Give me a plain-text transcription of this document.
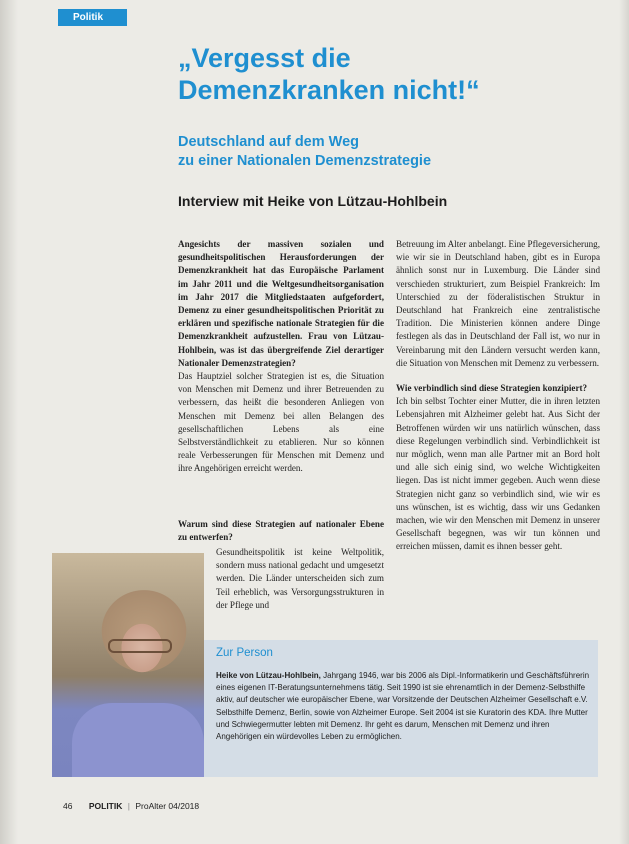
Politik
„Vergesst die
Demenzkranken nicht!“
Deutschland auf dem Weg
zu einer Nationalen Demenzstrategie
Interview mit Heike von Lützau-Hohlbein

Angesichts der massiven sozialen und gesundheitspolitischen Herausforderungen der Demenzkrankheit hat das Europäische Parlament im Jahr 2011 und die Weltgesundheitsorganisation im Jahr 2017 die Mitgliedstaaten aufgefordert, Demenz zu einer gesundheitspolitischen Priorität zu erklären und spezifische nationale Strategien für die Demenzkrankheit aufzustellen. Frau von Lützau-Hohlbein, was ist das übergreifende Ziel derartiger Nationaler Demenzstrategien?

Das Hauptziel solcher Strategien ist es, die Situation von Menschen mit Demenz und ihrer Betreuenden zu verbessern, das heißt die besonderen Anliegen von Menschen mit Demenz bei allen Belangen des gesellschaftlichen Lebens als eine Selbstverständlichkeit zu etablieren. Nur so können reale Verbesserungen für Menschen mit Demenz und ihre Angehörigen erreicht werden.

Warum sind diese Strategien auf nationaler Ebene zu entwerfen?

Gesundheitspolitik ist keine Weltpolitik, sondern muss national gedacht und umgesetzt werden. Die Länder unterscheiden sich zum Teil erheblich, was Versorgungsstrukturen in der Pflege und

Betreuung im Alter anbelangt. Eine Pflegeversicherung, wie wir sie in Deutschland haben, gibt es in Europa ähnlich sonst nur in Luxemburg. Die Länder sind verschieden strukturiert, zum Beispiel Frankreich: Im Unterschied zu der föderalistischen Struktur in Deutschland hat Frankreich eine zentralistische Tradition. Die Ministerien können andere Dinge festlegen als das in Deutschland der Fall ist, wo nur in Vereinbarung mit den Ländern versucht werden kann, die Situation von Menschen mit Demenz zu verbessern.

Wie verbindlich sind diese Strategien konzipiert?

Ich bin selbst Tochter einer Mutter, die in ihren letzten Lebensjahren mit Alzheimer gelebt hat. Aus Sicht der Betroffenen würden wir uns natürlich wünschen, dass diese Regelungen verbindlich sind. Verbindlichkeit ist nur möglich, wenn man alle Partner mit an Bord holt und alle sich einig sind, wo welche Wichtigkeiten liegen. Das ist nicht immer gegeben. Auch wenn diese Strategien nicht ganz so verbindlich sind, wie wir es uns wünschen, ist es wichtig, dass wir uns Gedanken machen, wie wir den Menschen mit Demenz in unserer Gesellschaft begegnen, was wir tun können und erreichen müssen, damit es ihnen besser geht.

Zur Person

Heike von Lützau-Hohlbein, Jahrgang 1946, war bis 2006 als Dipl.-Informatikerin und Geschäftsführerin eines eigenen IT-Beratungsunternehmens tätig. Seit 1990 ist sie ehrenamtlich in der Demenz-Selbsthilfe aktiv, auf deutscher wie europäischer Ebene, war Vorsitzende der Deutschen Alzheimer Gesellschaft e.V. Selbsthilfe Demenz, Berlin, sowie von Alzheimer Europe. Seit 2004 ist sie Kuratorin des KDA. Ihre Mutter und Schwiegermutter lebten mit Demenz. Ihr geht es darum, Menschen mit Demenz und ihren Angehörigen ein würdevolles Leben zu ermöglichen.

46 POLITIK | ProAlter 04/2018
